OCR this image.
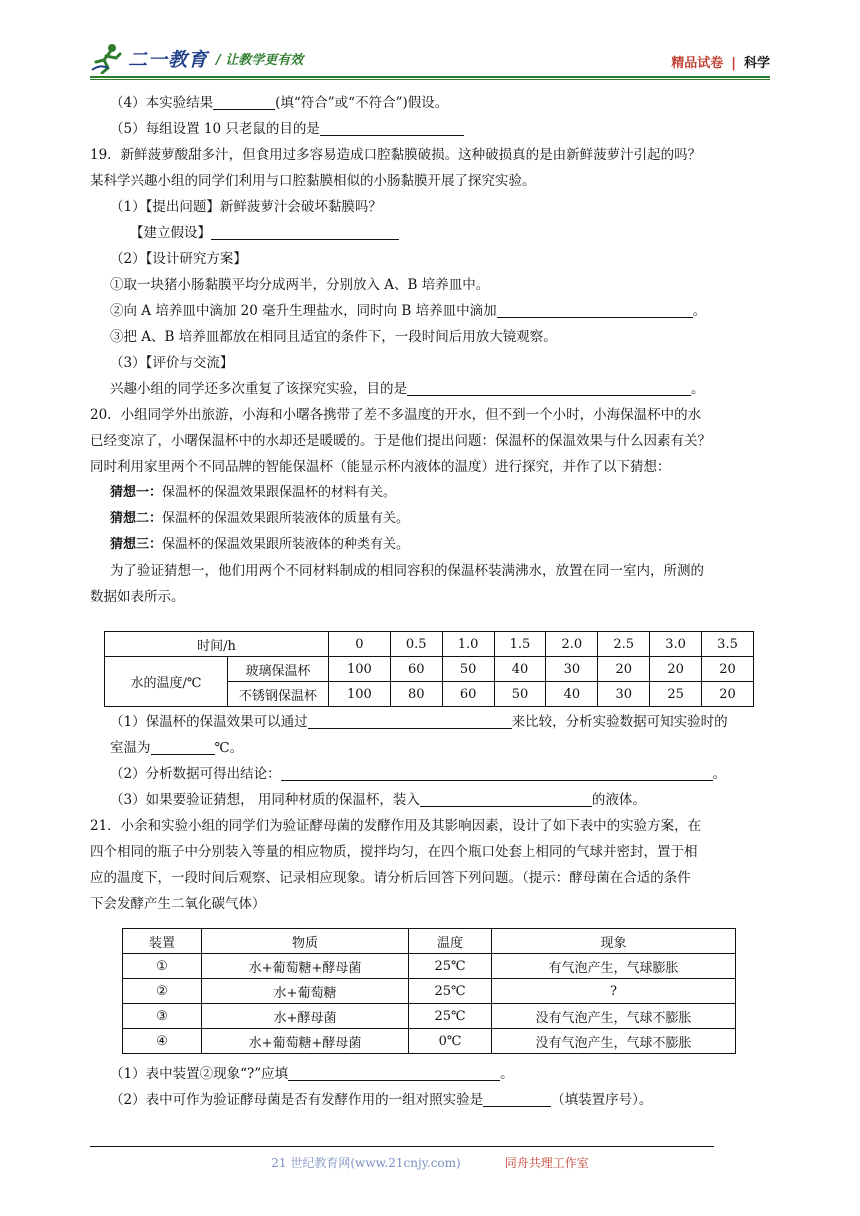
二一教育 / 让教学更有效	精品试卷 | 科学
（4）本实验结果	(填“符合”或“不符合”)假设。
（5）每组设置 10 只老鼠的目的是
19．新鲜菠萝酸甜多汁，但食用过多容易造成口腔黏膜破损。这种破损真的是由新鲜菠萝汁引起的吗？
某科学兴趣小组的同学们利用与口腔黏膜相似的小肠黏膜开展了探究实验。
（1）【提出问题】新鲜菠萝汁会破坏黏膜吗？
【建立假设】
（2）【设计研究方案】
①取一块猪小肠黏膜平均分成两半，分别放入 A、B 培养皿中。
②向 A 培养皿中滴加 20 毫升生理盐水，同时向 B 培养皿中滴加	。
③把 A、B 培养皿都放在相同且适宜的条件下，一段时间后用放大镜观察。
（3）【评价与交流】
兴趣小组的同学还多次重复了该探究实验，目的是	。
20．小组同学外出旅游，小海和小曙各携带了差不多温度的开水，但不到一个小时，小海保温杯中的水
已经变凉了，小曙保温杯中的水却还是暖暖的。于是他们提出问题：保温杯的保温效果与什么因素有关？
同时利用家里两个不同品牌的智能保温杯（能显示杯内液体的温度）进行探究，并作了以下猜想：
猜想一：保温杯的保温效果跟保温杯的材料有关。
猜想二：保温杯的保温效果跟所装液体的质量有关。
猜想三：保温杯的保温效果跟所装液体的种类有关。
为了验证猜想一，他们用两个不同材料制成的相同容积的保温杯装满沸水，放置在同一室内，所测的
数据如表所示。
时间/h		0	0.5	1.0	1.5	2.0	2.5	3.0	3.5
水的温度/℃	玻璃保温杯	100	60	50	40	30	20	20	20
	不锈钢保温杯	100	80	60	50	40	30	25	20
（1）保温杯的保温效果可以通过	来比较，分析实验数据可知实验时的
室温为	℃。
（2）分析数据可得出结论：	。
（3）如果要验证猜想， 用同种材质的保温杯，装入	的液体。
21．小余和实验小组的同学们为验证酵母菌的发酵作用及其影响因素，设计了如下表中的实验方案，在
四个相同的瓶子中分别装入等量的相应物质，搅拌均匀，在四个瓶口处套上相同的气球并密封，置于相
应的温度下，一段时间后观察、记录相应现象。请分析后回答下列问题。（提示：酵母菌在合适的条件
下会发酵产生二氧化碳气体）
装置	物质	温度	现象
①	水+葡萄糖+酵母菌	25℃	有气泡产生，气球膨胀
②	水+葡萄糖	25℃	?
③	水+酵母菌	25℃	没有气泡产生，气球不膨胀
④	水+葡萄糖+酵母菌	0℃	没有气泡产生，气球不膨胀
（1）表中装置②现象“?”应填	。
（2）表中可作为验证酵母菌是否有发酵作用的一组对照实验是	（填装置序号）。
21 世纪教育网(www.21cnjy.com)	同舟共理工作室
